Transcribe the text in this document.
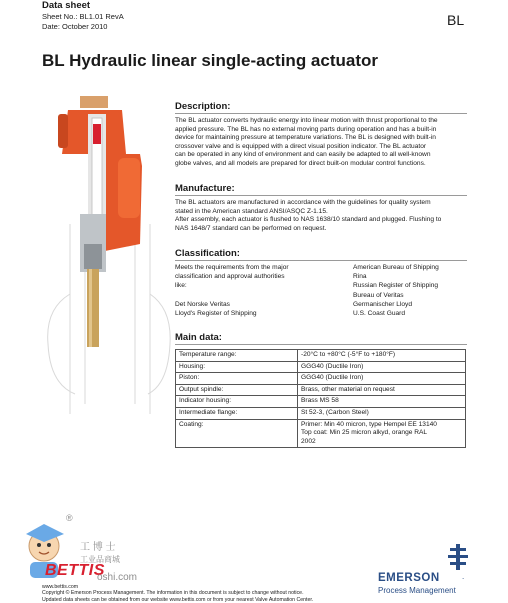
Data sheet
Sheet No.: BL1.01 RevA
Date: October 2010	BL
BL Hydraulic linear single-acting actuator
Description:
The BL actuator converts hydraulic energy into linear motion with thrust proportional to the
applied pressure. The BL has no external moving parts during operation and has a built-in
device for maintaining pressure at temperature variations. The BL is designed with built-in
crossover valve and is equipped with a direct visual position indicator. The BL actuator
can be operated in any kind of environment and can easily be adapted to all well-known
globe valves, and all models are prepared for direct built-on modular control functions.
Manufacture:
The BL actuators are manufactured in accordance with the guidelines for quality system
stated in the American standard ANSI/ASQC Z-1.15.
After assembly, each actuator is flushed to NAS 1638/10 standard and plugged. Flushing to
NAS 1648/7 standard can be performed on request.
Classification:
Meets the requirements from the major	American Bureau of Shipping
classification and approval authorities	Rina
like:	Russian Register of Shipping
Bureau of Veritas
Det Norske Veritas	Germanischer Lloyd
Lloyd's Register of Shipping	U.S. Coast Guard
Main data:
Temperature range:	-20°C to +80°C (-5°F to +180°F)
Housing:	GGG40 (Ductile Iron)
Piston:	GGG40 (Ductile Iron)
Output spindle:	Brass, other material on request
Indicator housing:	Brass MS 58
Intermediate flange:	St 52-3, (Carbon Steel)
Coating:	Primer: Min 40 micron, type Hempel EE 13140
Top coat: Min 25 micron alkyd, orange RAL
2002
®
工 博 士
工业品商城
BETTIS
oshi.com	EMERSON	.
Process Management
www.bettis.com
Copyright © Emerson Process Management. The information in this document is subject to change without notice.
Updated data sheets can be obtained from our website www.bettis.com or from your nearest Valve Automation Center.
